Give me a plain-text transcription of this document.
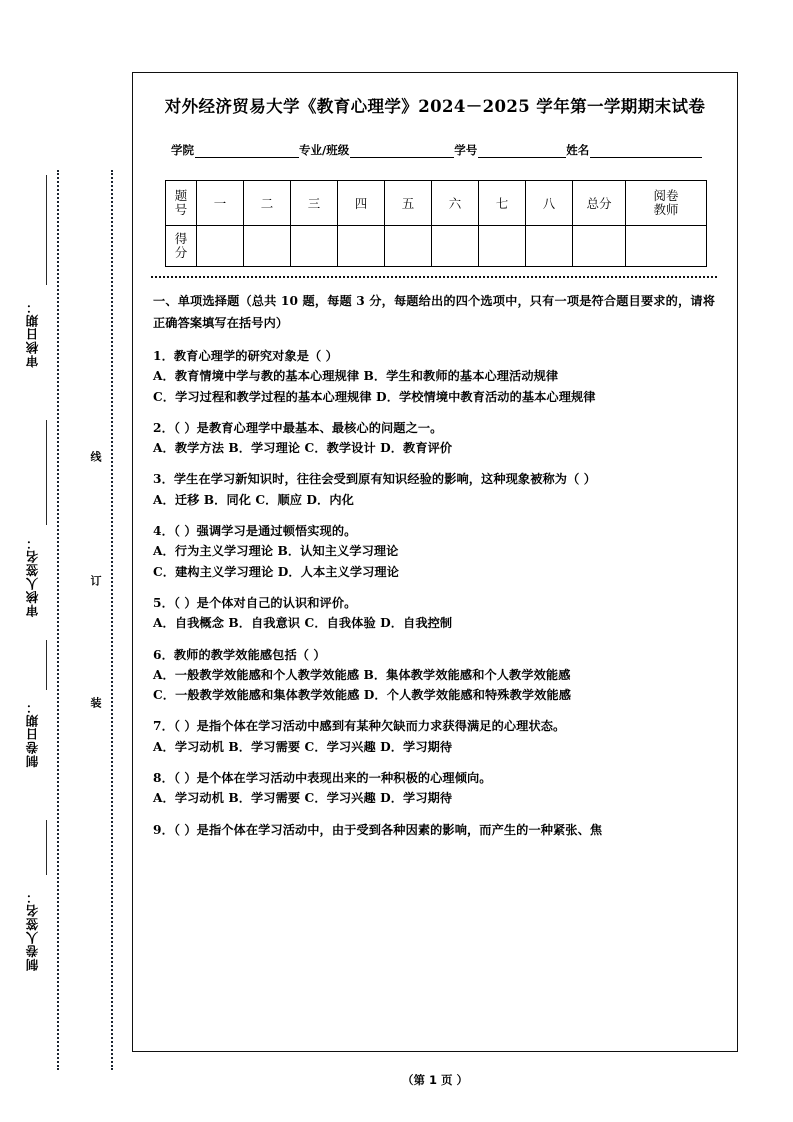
审核日期：
审核人签名：
制卷日期：
制卷人签名：
线
订
装
对外经济贸易大学《教育心理学》2024－2025 学年第一学期期末试卷
学院	专业/班级	学号	姓名
题
号	一	二	三	四	五	六	七	八	总分	阅卷
教师

得
分										

一、单项选择题（总共 10 题，每题 3 分，每题给出的四个选项中，只有一项是符合题目要求的，请将正确答案填写在括号内）
1．教育心理学的研究对象是（ ）
A．教育情境中学与教的基本心理规律 B．学生和教师的基本心理活动规律
C．学习过程和教学过程的基本心理规律 D．学校情境中教育活动的基本心理规律
2．（ ）是教育心理学中最基本、最核心的问题之一。
A．教学方法 B．学习理论 C．教学设计 D．教育评价
3．学生在学习新知识时，往往会受到原有知识经验的影响，这种现象被称为（ ）
A．迁移 B．同化 C．顺应 D．内化
4．（ ）强调学习是通过顿悟实现的。
A．行为主义学习理论 B．认知主义学习理论
C．建构主义学习理论 D．人本主义学习理论
5．（ ）是个体对自己的认识和评价。
A．自我概念 B．自我意识 C．自我体验 D．自我控制
6．教师的教学效能感包括（ ）
A．一般教学效能感和个人教学效能感 B．集体教学效能感和个人教学效能感
C．一般教学效能感和集体教学效能感 D．个人教学效能感和特殊教学效能感
7．（ ）是指个体在学习活动中感到有某种欠缺而力求获得满足的心理状态。
A．学习动机 B．学习需要 C．学习兴趣 D．学习期待
8．（ ）是个体在学习活动中表现出来的一种积极的心理倾向。
A．学习动机 B．学习需要 C．学习兴趣 D．学习期待
9．（ ）是指个体在学习活动中，由于受到各种因素的影响，而产生的一种紧张、焦
（第 1 页 ）
